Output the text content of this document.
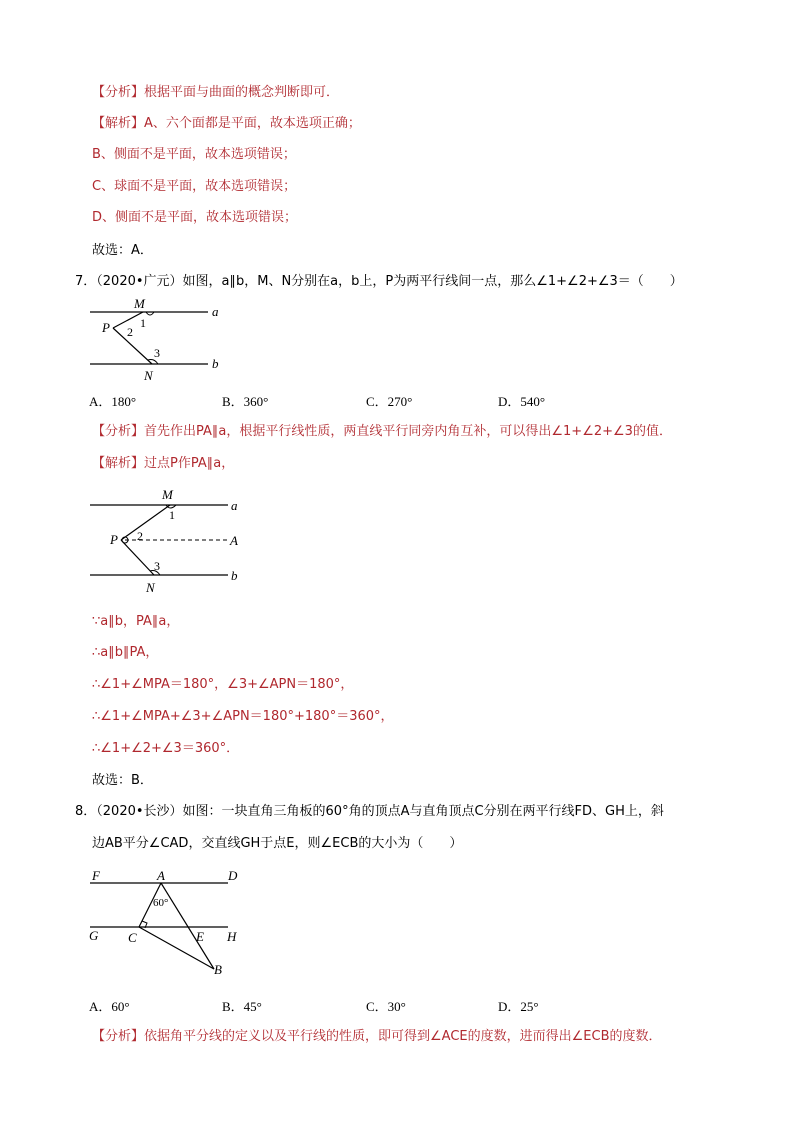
【分析】根据平面与曲面的概念判断即可．
【解析】A、六个面都是平面，故本选项正确；
B、侧面不是平面，故本选项错误；
C、球面不是平面，故本选项错误；
D、侧面不是平面，故本选项错误；
故选：A．
7．（2020•广元）如图，a∥b，M、N分别在a，b上，P为两平行线间一点，那么∠1+∠2+∠3＝（　　）
M
P
N
a
b
1
2
3
A．180°	B．360°	C．270°	D．540°
【分析】首先作出PA∥a，根据平行线性质，两直线平行同旁内角互补，可以得出∠1+∠2+∠3的值．
【解析】过点P作PA∥a，
M
P
N
A
a
b
1
2
3
∵a∥b，PA∥a，
∴a∥b∥PA，
∴∠1+∠MPA＝180°，∠3+∠APN＝180°，
∴∠1+∠MPA+∠3+∠APN＝180°+180°＝360°，
∴∠1+∠2+∠3＝360°．
故选：B．
8．（2020•长沙）如图：一块直角三角板的60°角的顶点A与直角顶点C分别在两平行线FD、GH上，斜
边AB平分∠CAD，交直线GH于点E，则∠ECB的大小为（　　）
F	A	D
G C	E H
B
60°
A．60°	B．45°	C．30°	D．25°
【分析】依据角平分线的定义以及平行线的性质，即可得到∠ACE的度数，进而得出∠ECB的度数．
